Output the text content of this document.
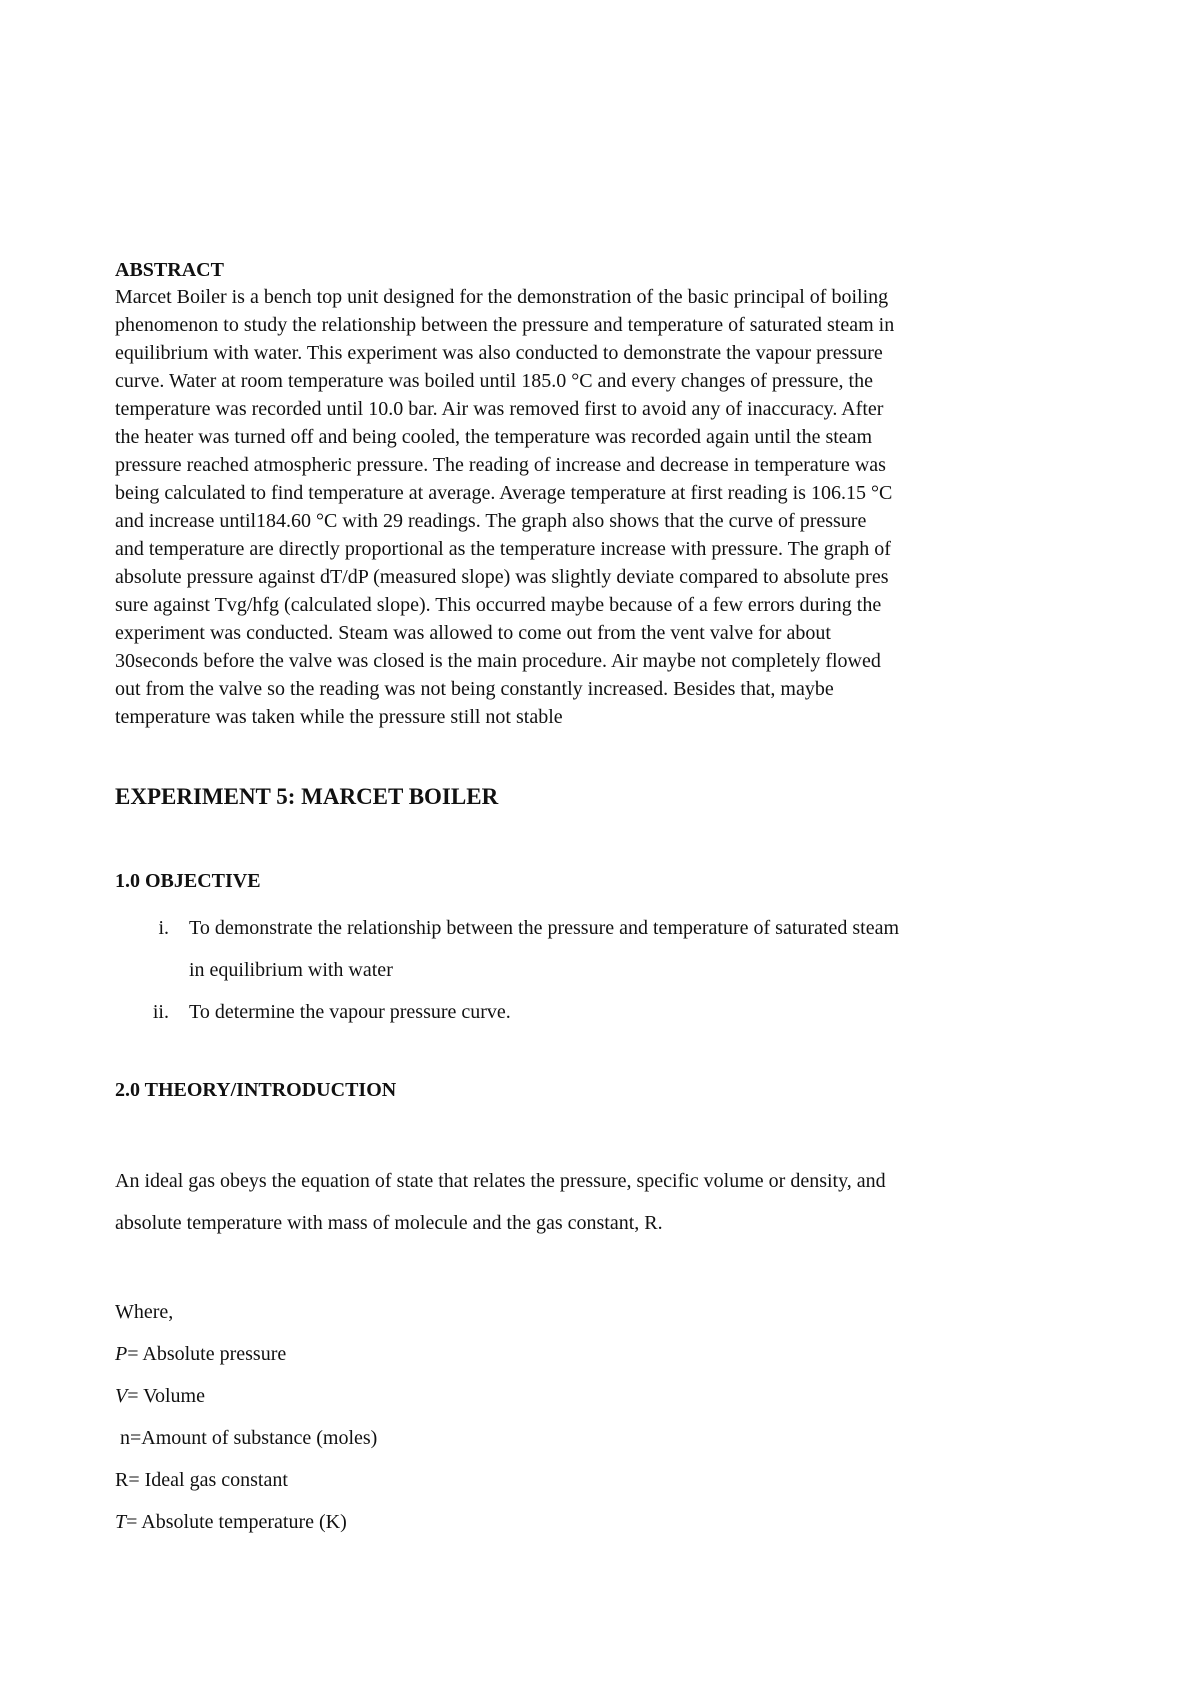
ABSTRACT
Marcet Boiler is a bench top unit designed for the demonstration of the basic principal of boiling
phenomenon to study the relationship between the pressure and temperature of saturated steam in
equilibrium with water. This experiment was also conducted to demonstrate the vapour pressure
curve. Water at room temperature was boiled until 185.0 °C and every changes of pressure, the
temperature was recorded until 10.0 bar. Air was removed first to avoid any of inaccuracy. After
the heater was turned off and being cooled, the temperature was recorded again until the steam
pressure reached atmospheric pressure. The reading of increase and decrease in temperature was
being calculated to find temperature at average. Average temperature at first reading is 106.15 °C
and increase until184.60 °C with 29 readings. The graph also shows that the curve of pressure
and temperature are directly proportional as the temperature increase with pressure. The graph of
absolute pressure against dT/dP (measured slope) was slightly deviate compared to absolute pres
sure against Tvg/hfg (calculated slope). This occurred maybe because of a few errors during the
experiment was conducted. Steam was allowed to come out from the vent valve for about
30seconds before the valve was closed is the main procedure. Air maybe not completely flowed
out from the valve so the reading was not being constantly increased. Besides that, maybe
temperature was taken while the pressure still not stable
EXPERIMENT 5: MARCET BOILER
1.0 OBJECTIVE
i.	To demonstrate the relationship between the pressure and temperature of saturated steam
in equilibrium with water
ii.	To determine the vapour pressure curve.
2.0 THEORY/INTRODUCTION
An ideal gas obeys the equation of state that relates the pressure, specific volume or density, and
absolute temperature with mass of molecule and the gas constant, R.
Where,
P= Absolute pressure
V= Volume
n=Amount of substance (moles)
R= Ideal gas constant
T= Absolute temperature (K)
